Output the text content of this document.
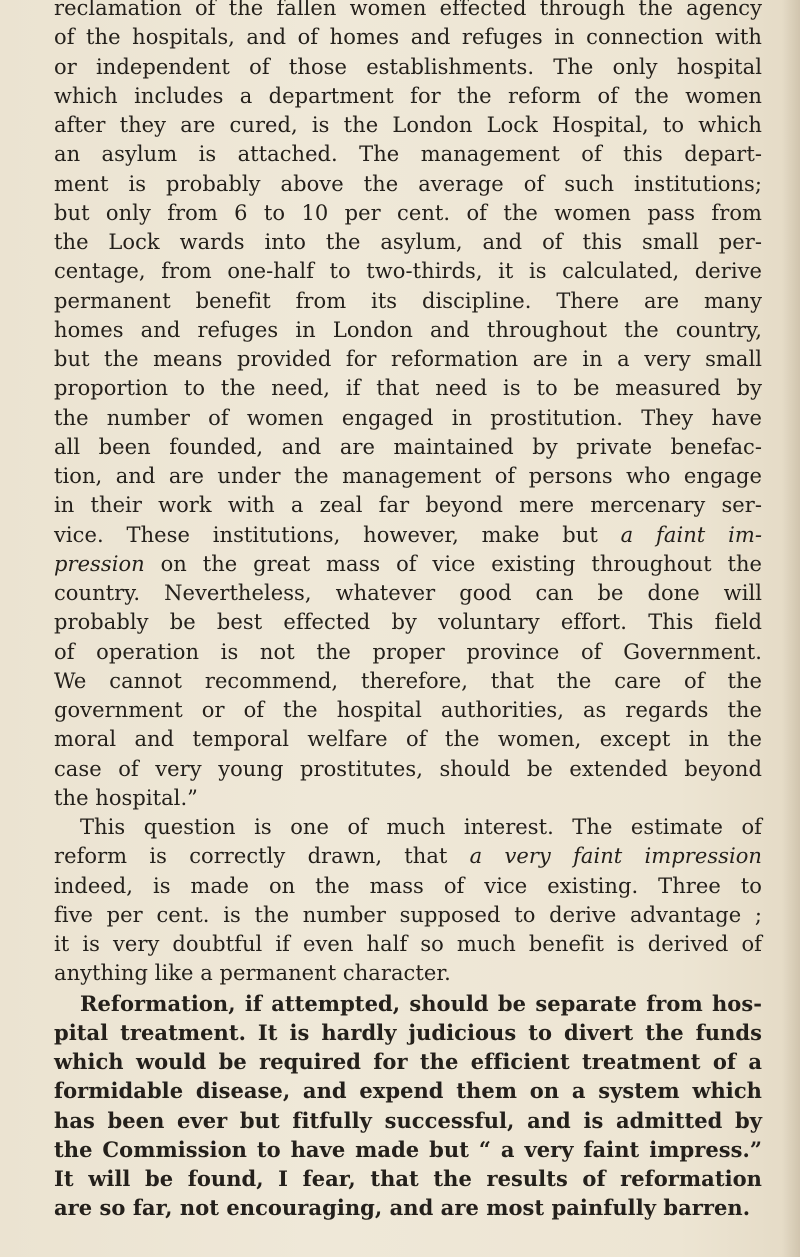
reclamation of the fallen women effected through the agency
of the hospitals, and of homes and refuges in connection with
or independent of those establishments. The only hospital
which includes a department for the reform of the women
after they are cured, is the London Lock Hospital, to which
an asylum is attached. The management of this depart-
ment is probably above the average of such institutions;
but only from 6 to 10 per cent. of the women pass from
the Lock wards into the asylum, and of this small per-
centage, from one-half to two-thirds, it is calculated, derive
permanent benefit from its discipline. There are many
homes and refuges in London and throughout the country,
but the means provided for reformation are in a very small
proportion to the need, if that need is to be measured by
the number of women engaged in prostitution. They have
all been founded, and are maintained by private benefac-
tion, and are under the management of persons who engage
in their work with a zeal far beyond mere mercenary ser-
vice. These institutions, however, make but a faint im-
pression on the great mass of vice existing throughout the
country. Nevertheless, whatever good can be done will
probably be best effected by voluntary effort. This field
of operation is not the proper province of Government.
We cannot recommend, therefore, that the care of the
government or of the hospital authorities, as regards the
moral and temporal welfare of the women, except in the
case of very young prostitutes, should be extended beyond
the hospital.”
This question is one of much interest. The estimate of
reform is correctly drawn, that a very faint impression
indeed, is made on the mass of vice existing. Three to
five per cent. is the number supposed to derive advantage ;
it is very doubtful if even half so much benefit is derived of
anything like a permanent character.
Reformation, if attempted, should be separate from hos-
pital treatment. It is hardly judicious to divert the funds
which would be required for the efficient treatment of a
formidable disease, and expend them on a system which
has been ever but fitfully successful, and is admitted by
the Commission to have made but “ a very faint impress.”
It will be found, I fear, that the results of reformation
are so far, not encouraging, and are most painfully barren.
